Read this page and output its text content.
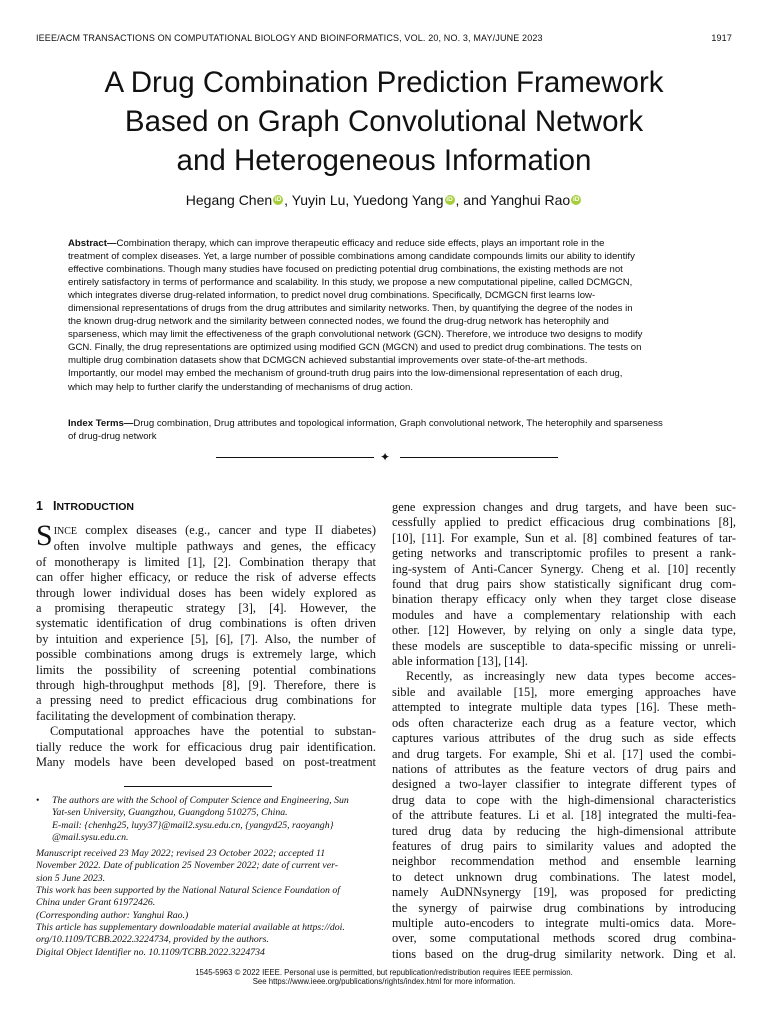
IEEE/ACM TRANSACTIONS ON COMPUTATIONAL BIOLOGY AND BIOINFORMATICS, VOL. 20, NO. 3, MAY/JUNE 2023	1917
A Drug Combination Prediction Framework
Based on Graph Convolutional Network
and Heterogeneous Information
Hegang Chen iD , Yuyin Lu, Yuedong Yang iD , and Yanghui Rao iD
Abstract—Combination therapy, which can improve therapeutic efficacy and reduce side effects, plays an important role in the
treatment of complex diseases. Yet, a large number of possible combinations among candidate compounds limits our ability to identify
effective combinations. Though many studies have focused on predicting potential drug combinations, the existing methods are not
entirely satisfactory in terms of performance and scalability. In this study, we propose a new computational pipeline, called DCMGCN,
which integrates diverse drug-related information, to predict novel drug combinations. Specifically, DCMGCN first learns low-
dimensional representations of drugs from the drug attributes and similarity networks. Then, by quantifying the degree of the nodes in
the known drug-drug network and the similarity between connected nodes, we found the drug-drug network has heterophily and
sparseness, which may limit the effectiveness of the graph convolutional network (GCN). Therefore, we introduce two designs to modify
GCN. Finally, the drug representations are optimized using modified GCN (MGCN) and used to predict drug combinations. The tests on
multiple drug combination datasets show that DCMGCN achieved substantial improvements over state-of-the-art methods.
Importantly, our model may embed the mechanism of ground-truth drug pairs into the low-dimensional representation of each drug,
which may help to further clarify the understanding of mechanisms of drug action.
Index Terms—Drug combination, Drug attributes and topological information, Graph convolutional network, The heterophily and sparseness
of drug-drug network
✦
1 INTRODUCTION
S INCE complex diseases (e.g., cancer and type II diabetes)
often involve multiple pathways and genes, the efficacy
of monotherapy is limited [1], [2]. Combination therapy that
can offer higher efficacy, or reduce the risk of adverse effects
through lower individual doses has been widely explored as
a promising therapeutic strategy [3], [4]. However, the
systematic identification of drug combinations is often driven
by intuition and experience [5], [6], [7]. Also, the number of
possible combinations among drugs is extremely large, which
limits the possibility of screening potential combinations
through high-throughput methods [8], [9]. Therefore, there is
a pressing need to predict efficacious drug combinations for
facilitating the development of combination therapy.
Computational approaches have the potential to substan-
tially reduce the work for efficacious drug pair identification.
Many models have been developed based on post-treatment
• The authors are with the School of Computer Science and Engineering, Sun
Yat-sen University, Guangzhou, Guangdong 510275, China.
E-mail: {chenhg25, luyy37}@mail2.sysu.edu.cn, {yangyd25, raoyangh}
@mail.sysu.edu.cn.
Manuscript received 23 May 2022; revised 23 October 2022; accepted 11
November 2022. Date of publication 25 November 2022; date of current ver-
sion 5 June 2023.
This work has been supported by the National Natural Science Foundation of
China under Grant 61972426.
(Corresponding author: Yanghui Rao.)
This article has supplementary downloadable material available at https://doi.
org/10.1109/TCBB.2022.3224734, provided by the authors.
Digital Object Identifier no. 10.1109/TCBB.2022.3224734
gene expression changes and drug targets, and have been suc-
cessfully applied to predict efficacious drug combinations [8],
[10], [11]. For example, Sun et al. [8] combined features of tar-
geting networks and transcriptomic profiles to present a rank-
ing-system of Anti-Cancer Synergy. Cheng et al. [10] recently
found that drug pairs show statistically significant drug com-
bination therapy efficacy only when they target close disease
modules and have a complementary relationship with each
other. [12] However, by relying on only a single data type,
these models are susceptible to data-specific missing or unreli-
able information [13], [14].
Recently, as increasingly new data types become acces-
sible and available [15], more emerging approaches have
attempted to integrate multiple data types [16]. These meth-
ods often characterize each drug as a feature vector, which
captures various attributes of the drug such as side effects
and drug targets. For example, Shi et al. [17] used the combi-
nations of attributes as the feature vectors of drug pairs and
designed a two-layer classifier to integrate different types of
drug data to cope with the high-dimensional characteristics
of the attribute features. Li et al. [18] integrated the multi-fea-
tured drug data by reducing the high-dimensional attribute
features of drug pairs to similarity values and adopted the
neighbor recommendation method and ensemble learning
to detect unknown drug combinations. The latest model,
namely AuDNNsynergy [19], was proposed for predicting
the synergy of pairwise drug combinations by introducing
multiple auto-encoders to integrate multi-omics data. More-
over, some computational methods scored drug combina-
tions based on the drug-drug similarity network. Ding et al.
1545-5963 © 2022 IEEE. Personal use is permitted, but republication/redistribution requires IEEE permission.
See https://www.ieee.org/publications/rights/index.html for more information.
